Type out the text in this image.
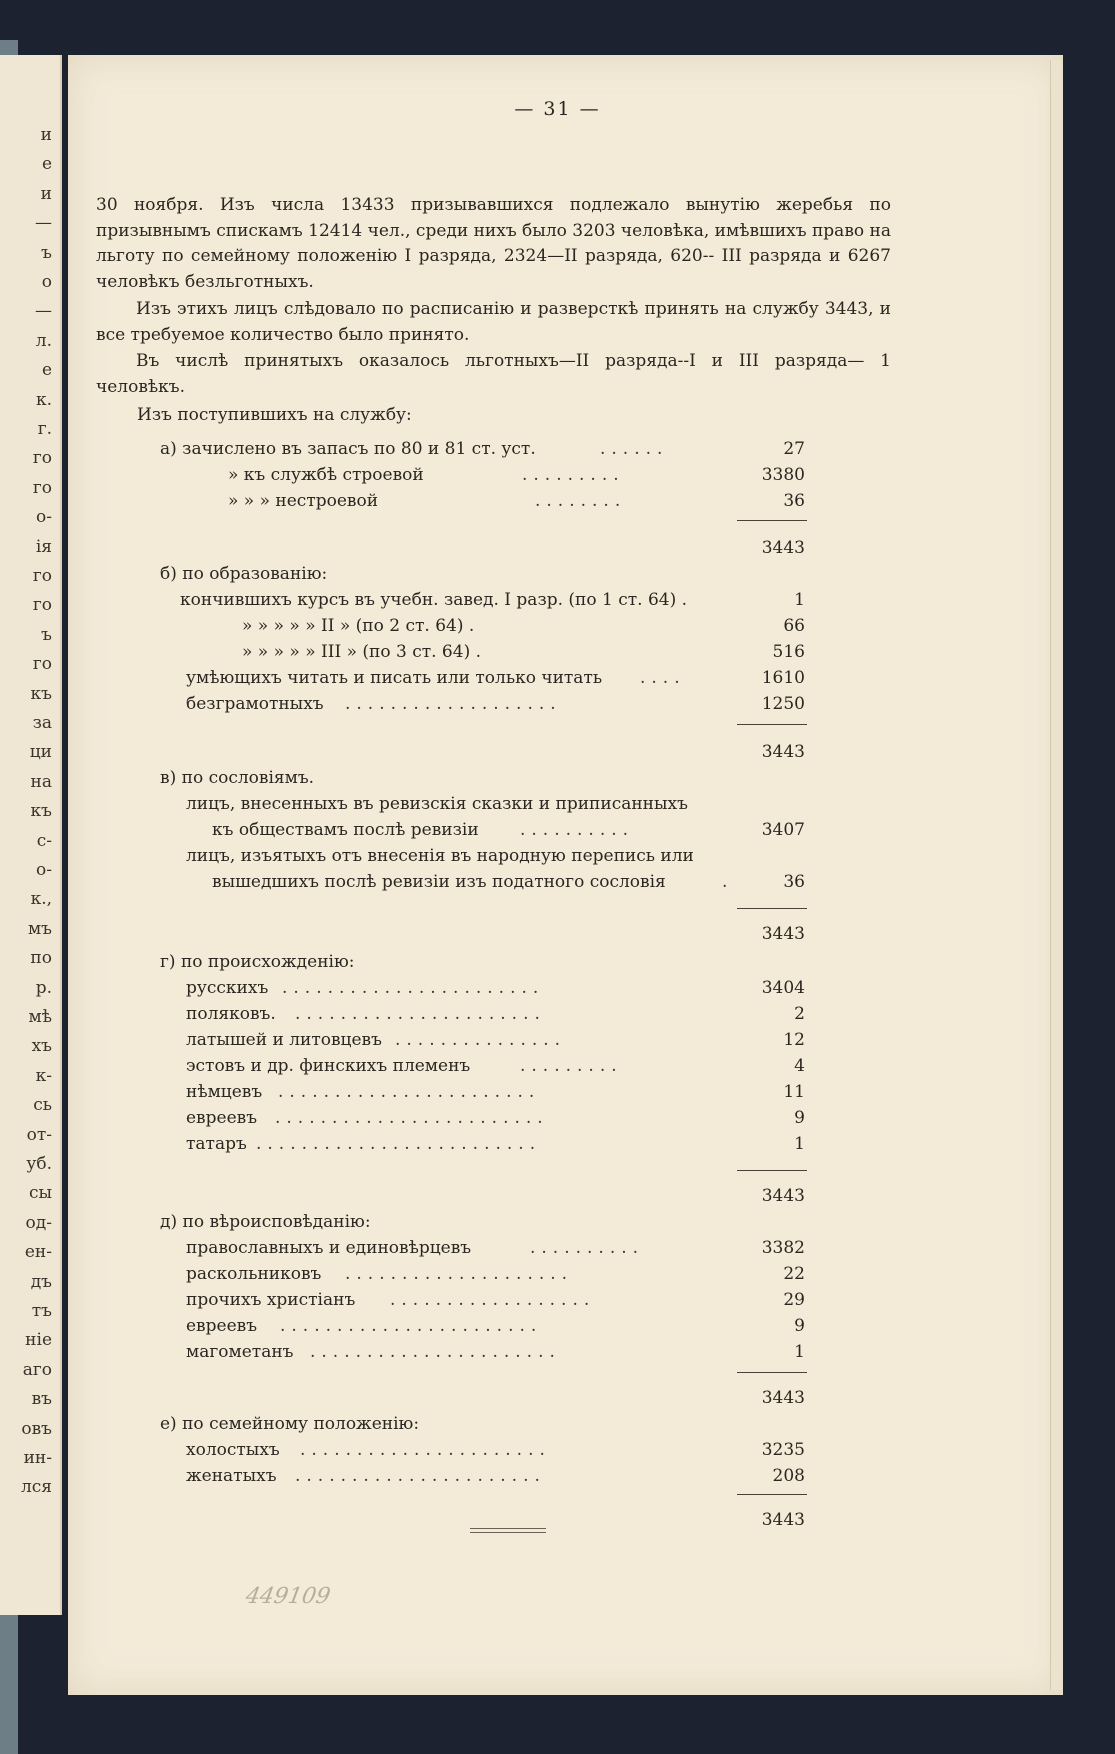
и
е
и
—
ъ
о
—
л.
е
к.
г.
го
го
о-
ія
го
го
ъ
го
къ
за
ци
на
къ
с-
о-
к.,
мъ
по
р.
мѣ
хъ
к-
сь
от-
уб.
сы
од-
ен-
дъ
тъ
ніе
аго
въ
овъ
ин-
лся
— 31 —
30 ноября. Изъ числа 13433 призывавшихся подлежало вынутію жеребья по призывнымъ спискамъ 12414 чел., среди нихъ было 3203 человѣка, имѣвшихъ право на льготу по семейному положенію I разряда, 2324—II разряда, 620-- III разряда и 6267 человѣкъ безльготныхъ.
Изъ этихъ лицъ слѣдовало по расписанію и разверсткѣ принять на службу 3443, и все требуемое количество было принято.
Въ числѣ принятыхъ оказалось льготныхъ—II разряда--I и III разряда— 1 человѣкъ.
Изъ поступившихъ на службу:
а) зачислено въ запасъ по 80 и 81 ст. уст.	......	27
» къ службѣ строевой	.........	3380
» » » нестроевой	........	36
3443
б) по образованію:
кончившихъ курсъ въ учебн. завед. I разр. (по 1 ст. 64) .	1
» » » » » II » (по 2 ст. 64) .	66
» » » » » III » (по 3 ст. 64) .	516
умѣющихъ читать и писать или только читать ....	1610
безграмотныхъ ...................	1250
3443
в) по сословіямъ.
лицъ, внесенныхъ въ ревизскія сказки и приписанныхъ
къ обществамъ послѣ ревизіи ..........	3407
лицъ, изъятыхъ отъ внесенія въ народную перепись или
вышедшихъ послѣ ревизіи изъ податного сословія	.	36
3443
г) по происхожденію:
русскихъ .......................	3404
поляковъ. ......................	2
латышей и литовцевъ ...............	12
эстовъ и др. финскихъ племенъ	.........	4
нѣмцевъ .......................	11
евреевъ ........................	9
татаръ .........................	1
3443
д) по вѣроисповѣданію:
православныхъ и единовѣрцевъ	..........	3382
раскольниковъ ....................	22
прочихъ христіанъ ..................	29
евреевъ .......................	9
магометанъ ......................	1
3443
е) по семейному положенію:
холостыхъ ......................	3235
женатыхъ ......................	208
3443
449109
